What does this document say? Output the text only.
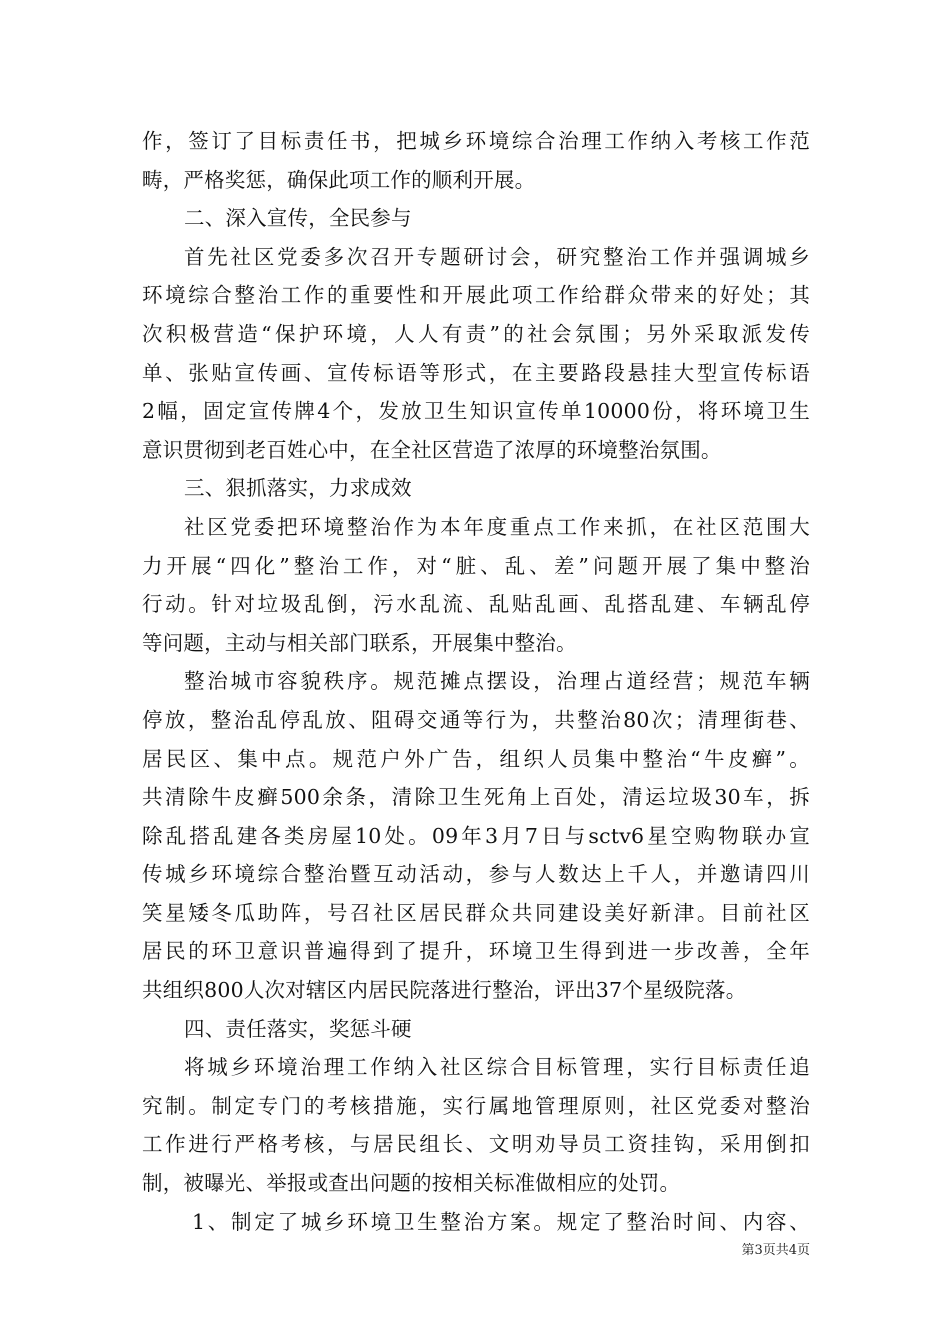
作，签订了目标责任书，把城乡环境综合治理工作纳入考核工作范
畴，严格奖惩，确保此项工作的顺利开展。
二、深入宣传，全民参与
首先社区党委多次召开专题研讨会，研究整治工作并强调城乡
环境综合整治工作的重要性和开展此项工作给群众带来的好处；其
次积极营造“保护环境，人人有责”的社会氛围；另外采取派发传
单、张贴宣传画、宣传标语等形式，在主要路段悬挂大型宣传标语
2幅，固定宣传牌4个，发放卫生知识宣传单10000份，将环境卫生
意识贯彻到老百姓心中，在全社区营造了浓厚的环境整治氛围。
三、狠抓落实，力求成效
社区党委把环境整治作为本年度重点工作来抓，在社区范围大
力开展“四化”整治工作，对“脏、乱、差”问题开展了集中整治
行动。针对垃圾乱倒，污水乱流、乱贴乱画、乱搭乱建、车辆乱停
等问题，主动与相关部门联系，开展集中整治。
整治城市容貌秩序。规范摊点摆设，治理占道经营；规范车辆
停放，整治乱停乱放、阻碍交通等行为，共整治80次；清理街巷、
居民区、集中点。规范户外广告，组织人员集中整治“牛皮癣”。
共清除牛皮癣500余条，清除卫生死角上百处，清运垃圾30车，拆
除乱搭乱建各类房屋10处。09年3月7日与sctv6星空购物联办宣
传城乡环境综合整治暨互动活动，参与人数达上千人，并邀请四川
笑星矮冬瓜助阵，号召社区居民群众共同建设美好新津。目前社区
居民的环卫意识普遍得到了提升，环境卫生得到进一步改善，全年
共组织800人次对辖区内居民院落进行整治，评出37个星级院落。
四、责任落实，奖惩斗硬
将城乡环境治理工作纳入社区综合目标管理，实行目标责任追
究制。制定专门的考核措施，实行属地管理原则，社区党委对整治
工作进行严格考核，与居民组长、文明劝导员工资挂钩，采用倒扣
制，被曝光、举报或查出问题的按相关标准做相应的处罚。
1、制定了城乡环境卫生整治方案。规定了整治时间、内容、
第3页共4页
